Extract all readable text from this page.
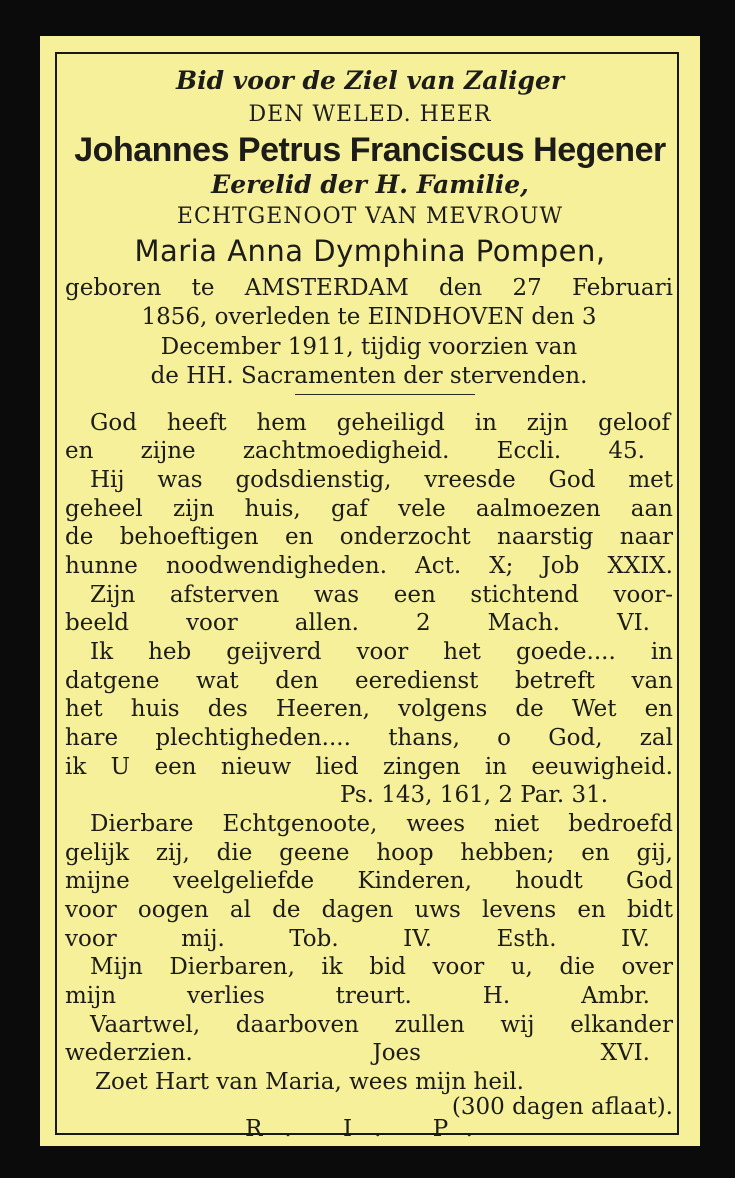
Bid voor de Ziel van Zaliger
DEN WELED. HEER
Johannes Petrus Franciscus Hegener
Eerelid der H. Familie,
ECHTGENOOT VAN MEVROUW
Maria Anna Dymphina Pompen,
geboren te AMSTERDAM den 27 Februari
1856, overleden te EINDHOVEN den 3
December 1911, tijdig voorzien van
de HH. Sacramenten der stervenden.
God heeft hem geheiligd in zijn geloof
en zijne zachtmoedigheid. Eccli. 45.
Hij was godsdienstig, vreesde God met
geheel zijn huis, gaf vele aalmoezen aan
de behoeftigen en onderzocht naarstig naar
hunne noodwendigheden. Act. X; Job XXIX.
Zijn afsterven was een stichtend voor-
beeld voor allen. 2 Mach. VI.
Ik heb geijverd voor het goede.... in
datgene wat den eeredienst betreft van
het huis des Heeren, volgens de Wet en
hare plechtigheden.... thans, o God, zal
ik U een nieuw lied zingen in eeuwigheid.
Ps. 143, 161, 2 Par. 31.
Dierbare Echtgenoote, wees niet bedroefd
gelijk zij, die geene hoop hebben; en gij,
mijne veelgeliefde Kinderen, houdt God
voor oogen al de dagen uws levens en bidt
voor mij. Tob. IV. Esth. IV.
Mijn Dierbaren, ik bid voor u, die over
mijn verlies treurt. H. Ambr.
Vaartwel, daarboven zullen wij elkander
wederzien. Joes XVI.
Zoet Hart van Maria, wees mijn heil.
(300 dagen aflaat).
R. I. P.
